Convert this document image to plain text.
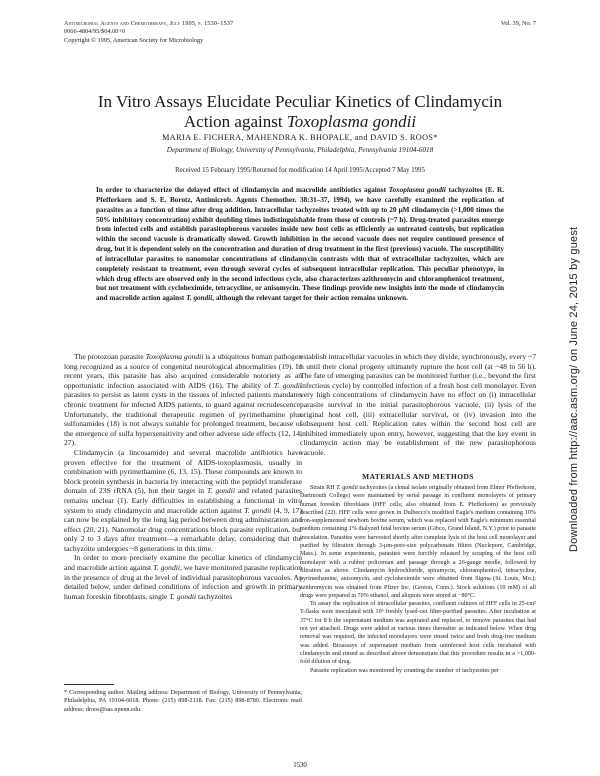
Antimicrobial Agents and Chemotherapy, July 1995, p. 1530–1537
0066-4804/95/$04.00+0
Copyright © 1995, American Society for Microbiology
Vol. 39, No. 7
In Vitro Assays Elucidate Peculiar Kinetics of Clindamycin
Action against Toxoplasma gondii
MARIA E. FICHERA, MAHENDRA K. BHOPALE, and DAVID S. ROOS*
Department of Biology, University of Pennsylvania, Philadelphia, Pennsylvania 19104-6018
Received 15 February 1995/Returned for modification 14 April 1995/Accepted 7 May 1995
In order to characterize the delayed effect of clindamycin and macrolide antibiotics against Toxoplasma gondii tachyzoites (E. R. Pfefferkorn and S. E. Borotz, Antimicrob. Agents Chemother. 38:31–37, 1994), we have carefully examined the replication of parasites as a function of time after drug addition. Intracellular tachyzoites treated with up to 20 μM clindamycin (>1,000 times the 50% inhibitory concentration) exhibit doubling times indistinguishable from those of controls (~7 h). Drug-treated parasites emerge from infected cells and establish parasitophorous vacuoles inside new host cells as efficiently as untreated controls, but replication within the second vacuole is dramatically slowed. Growth inhibition in the second vacuole does not require continued presence of drug, but it is dependent solely on the concentration and duration of drug treatment in the first (previous) vacuole. The susceptibility of intracellular parasites to nanomolar concentrations of clindamycin contrasts with that of extracellular tachyzoites, which are completely resistant to treatment, even through several cycles of subsequent intracellular replication. This peculiar phenotype, in which drug effects are observed only in the second infectious cycle, also characterizes azithromycin and chloramphenicol treatment, but not treatment with cycloheximide, tetracycline, or anisomycin. These findings provide new insights into the mode of clindamycin and macrolide action against T. gondii, although the relevant target for their action remains unknown.

The protozoan parasite Toxoplasma gondii is a ubiquitous human pathogen long recognized as a source of congenital neurological abnormalities (19). In recent years, this parasite has also acquired considerable notoriety as an opportunistic infection associated with AIDS (16). The ability of T. gondii parasites to persist as latent cysts in the tissues of infected patients mandates chronic treatment for infected AIDS patients, to guard against recrudescence. Unfortunately, the traditional therapeutic regimen of pyrimethamine plus sulfonamides (18) is not always suitable for prolonged treatment, because of the emergence of sulfa hypersensitivity and other adverse side effects (12, 14, 27).

Clindamycin (a lincosamide) and several macrolide antibiotics have proven effective for the treatment of AIDS-toxoplasmosis, usually in combination with pyrimethamine (6, 13, 15). These compounds are known to block protein synthesis in bacteria by interacting with the peptidyl transferase domain of 23S rRNA (5), but their target in T. gondii and related parasites remains unclear (1). Early difficulties in establishing a functional in vitro system to study clindamycin and macrolide action against T. gondii (4, 9, 17) can now be explained by the long lag period between drug administration and effect (20, 21). Nanomolar drug concentrations block parasite replication, but only 2 to 3 days after treatment—a remarkable delay, considering that the tachyzoite undergoes ~8 generations in this time.

In order to more precisely examine the peculiar kinetics of clindamycin and macrolide action against T. gondii, we have monitored parasite replication in the presence of drug at the level of individual parasitophorous vacuoles. As detailed below, under defined conditions of infection and growth in primary human foreskin fibroblasts, single T. gondii tachyzoites

establish intracellular vacuoles in which they divide, synchronously, every ~7 h until their clonal progeny ultimately rupture the host cell (at ~48 to 56 h). The fate of emerging parasites can be monitored further (i.e., beyond the first infectious cycle) by controlled infection of a fresh host cell monolayer. Even very high concentrations of clindamycin have no effect on (i) intracellular parasite survival in the initial parasitophorous vacuole, (ii) lysis of the original host cell, (iii) extracellular survival, or (iv) invasion into the subsequent host cell. Replication rates within the second host cell are inhibited immediately upon entry, however, suggesting that the key event in clindamycin action may be establishment of the new parasitophorous vacuole.
MATERIALS AND METHODS

Strain RH T. gondii tachyzoites (a clonal isolate originally obtained from Elmer Pfefferkorn, Dartmouth College) were maintained by serial passage in confluent monolayers of primary human foreskin fibroblasts (HFF cells; also obtained from E. Pfefferkorn) as previously described (22). HFF cells were grown in Dulbecco's modified Eagle's medium containing 10% iron-supplemented newborn bovine serum, which was replaced with Eagle's minimum essential medium containing 1% dialyzed fetal bovine serum (Gibco, Grand Island, N.Y.) prior to parasite inoculation. Parasites were harvested shortly after complete lysis of the host cell monolayer and purified by filtration through 3-μm-pore-size polycarbonate filters (Nuclepore, Cambridge, Mass.). In some experiments, parasites were forcibly released by scraping of the host cell monolayer with a rubber policeman and passage through a 26-gauge needle, followed by filtration as above. Clindamycin hydrochloride, spiramycin, chloramphenicol, tetracycline, pyrimethamine, anisomycin, and cycloheximide were obtained from Sigma (St. Louis, Mo.); azithromycin was obtained from Pfizer Inc. (Groton, Conn.). Stock solutions (10 mM) of all drugs were prepared in 70% ethanol, and aliquots were stored at −80°C.

To assay the replication of intracellular parasites, confluent cultures of HFF cells in 25-cm² T-flasks were inoculated with 10⁶ freshly lysed-out filter-purified parasites. After incubation at 37°C for 8 h the supernatant medium was aspirated and replaced, to remove parasites that had not yet attached. Drugs were added at various times thereafter as indicated below. When drug removal was required, the infected monolayers were rinsed twice and fresh drug-free medium was added. Bioassays of supernatant medium from uninfected host cells incubated with clindamycin and rinsed as described above demonstrate that this procedure results in a >1,000-fold dilution of drug.

Parasite replication was monitored by counting the number of tachyzoites per

* Corresponding author. Mailing address: Department of Biology, University of Pennsylvania, Philadelphia, PA 19104-6018. Phone: (215) 898-2118. Fax: (215) 898-8780. Electronic mail address: droos@sas.upenn.edu.
1530
Downloaded from http://aac.asm.org/ on June 24, 2015 by guest
